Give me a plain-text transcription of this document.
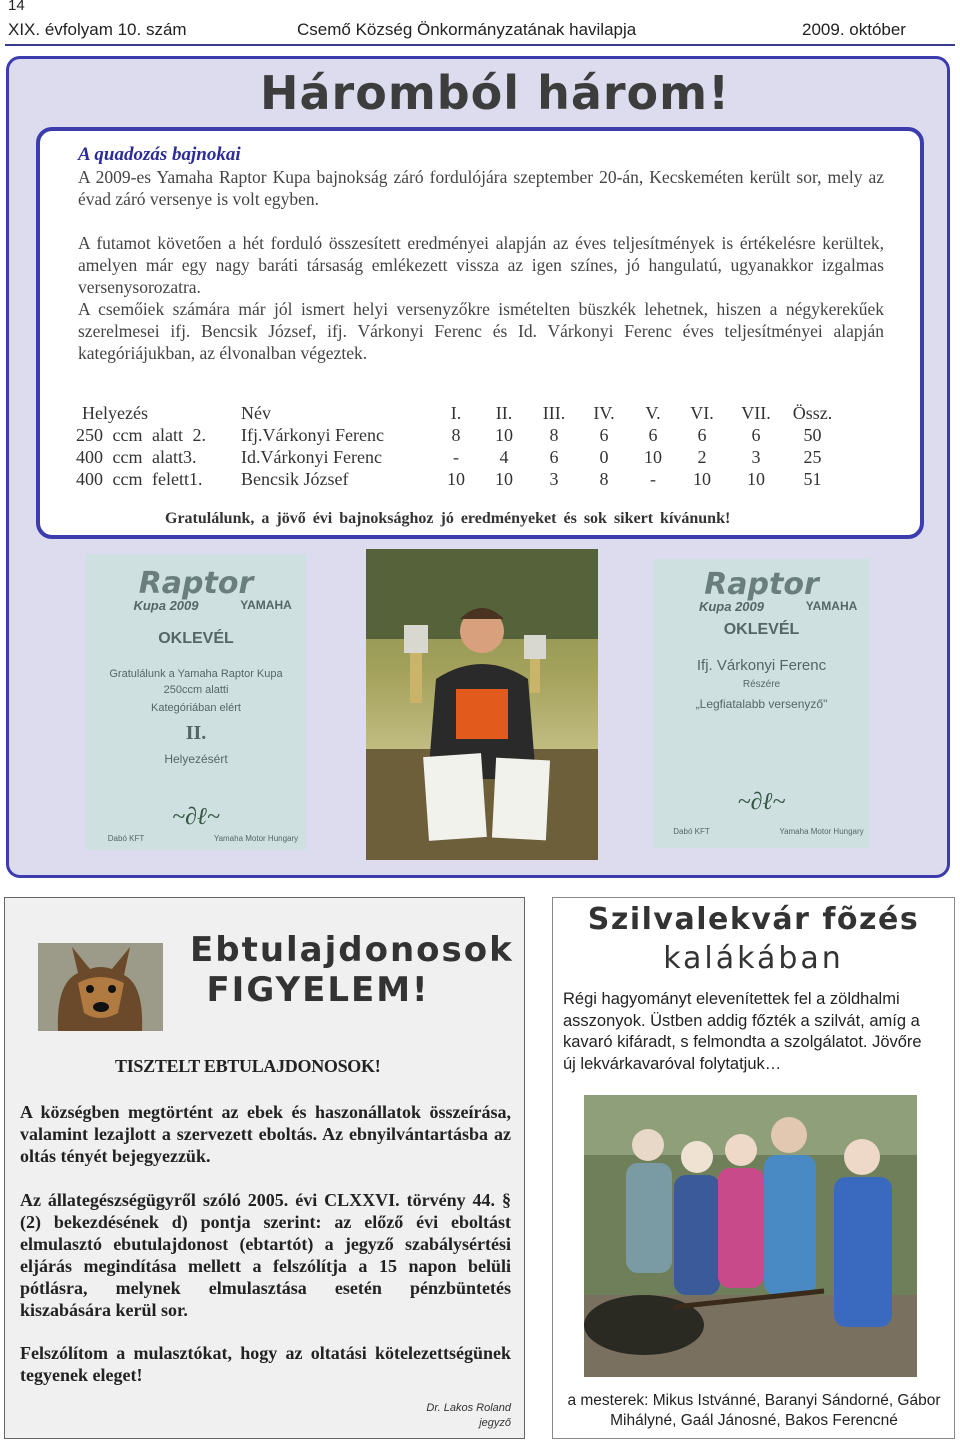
14
XIX. évfolyam 10. szám	Csemő Község Önkormányzatának havilapja	2009. október
Háromból három!
A quadozás bajnokai
A 2009-es Yamaha Raptor Kupa bajnokság záró fordulójára szeptember 20-án, Kecskeméten került sor, mely az évad záró versenye is volt egyben.
A futamot követően a hét forduló összesített eredményei alapján az éves teljesítmények is értékelésre kerültek, amelyen már egy nagy baráti társaság emlékezett vissza az igen színes, jó hangulatú, ugyanakkor izgalmas versenysorozatra.
A csemőiek számára már jól ismert helyi versenyzőkre ismételten büszkék lehetnek, hiszen a négykerekűek szerelmesei ifj. Bencsik József, ifj. Várkonyi Ferenc és Id. Várkonyi Ferenc éves teljesítményei alapján kategóriájukban, az élvonalban végeztek.
Helyezés	Név	I.	II.	III.	IV.	V.	VI.	VII.	Össz.
250 ccm alatt 2.	Ifj.Várkonyi Ferenc	8	10	8	6	6	6	6	50
400 ccm alatt3.	Id.Várkonyi Ferenc	-	4	6	0	10	2	3	25
400 ccm felett1.	Bencsik József	10	10	3	8	-	10	10	51
Gratulálunk, a jövő évi bajnoksághoz jó eredményeket és sok sikert kívánunk!
Raptor
Kupa 2009	YAMAHA
OKLEVÉL
Gratulálunk a Yamaha Raptor Kupa
250ccm alatti
Kategóriában elért
II.
Helyezésért
~∂ℓ~
Dabó KFT	Yamaha Motor Hungary
Raptor
Kupa 2009	YAMAHA
OKLEVÉL
Ifj. Várkonyi Ferenc
Részére
„Legfiatalabb versenyző"
~∂ℓ~
Dabó KFT	Yamaha Motor Hungary
Ebtulajdonosok
FIGYELEM!
TISZTELT EBTULAJDONOSOK!
A községben megtörtént az ebek és haszonállatok összeírása, valamint lezajlott a szervezett eboltás. Az ebnyilvántartásba az oltás tényét bejegyezzük.
Az állategészségügyről szóló 2005. évi CLXXVI. törvény 44. § (2) bekezdésének d) pontja szerint: az előző évi eboltást elmulasztó ebutulajdonost (ebtartót) a jegyző szabálysértési eljárás megindítása mellett a felszólítja a 15 napon belüli pótlásra, melynek elmulasztása esetén pénzbüntetés kiszabására kerül sor.
Felszólítom a mulasztókat, hogy az oltatási kötelezettségünek tegyenek eleget!
Dr. Lakos Roland
jegyző
Szilvalekvár fõzés
kalákában
Régi hagyományt elevenítettek fel a zöldhalmi asszonyok. Üstben addig főzték a szilvát, amíg a kavaró kifáradt, s felmondta a szolgálatot. Jövőre új lekvárkavaróval folytatjuk…
a mesterek: Mikus Istvánné, Baranyi Sándorné, Gábor Mihályné, Gaál Jánosné, Bakos Ferencné
